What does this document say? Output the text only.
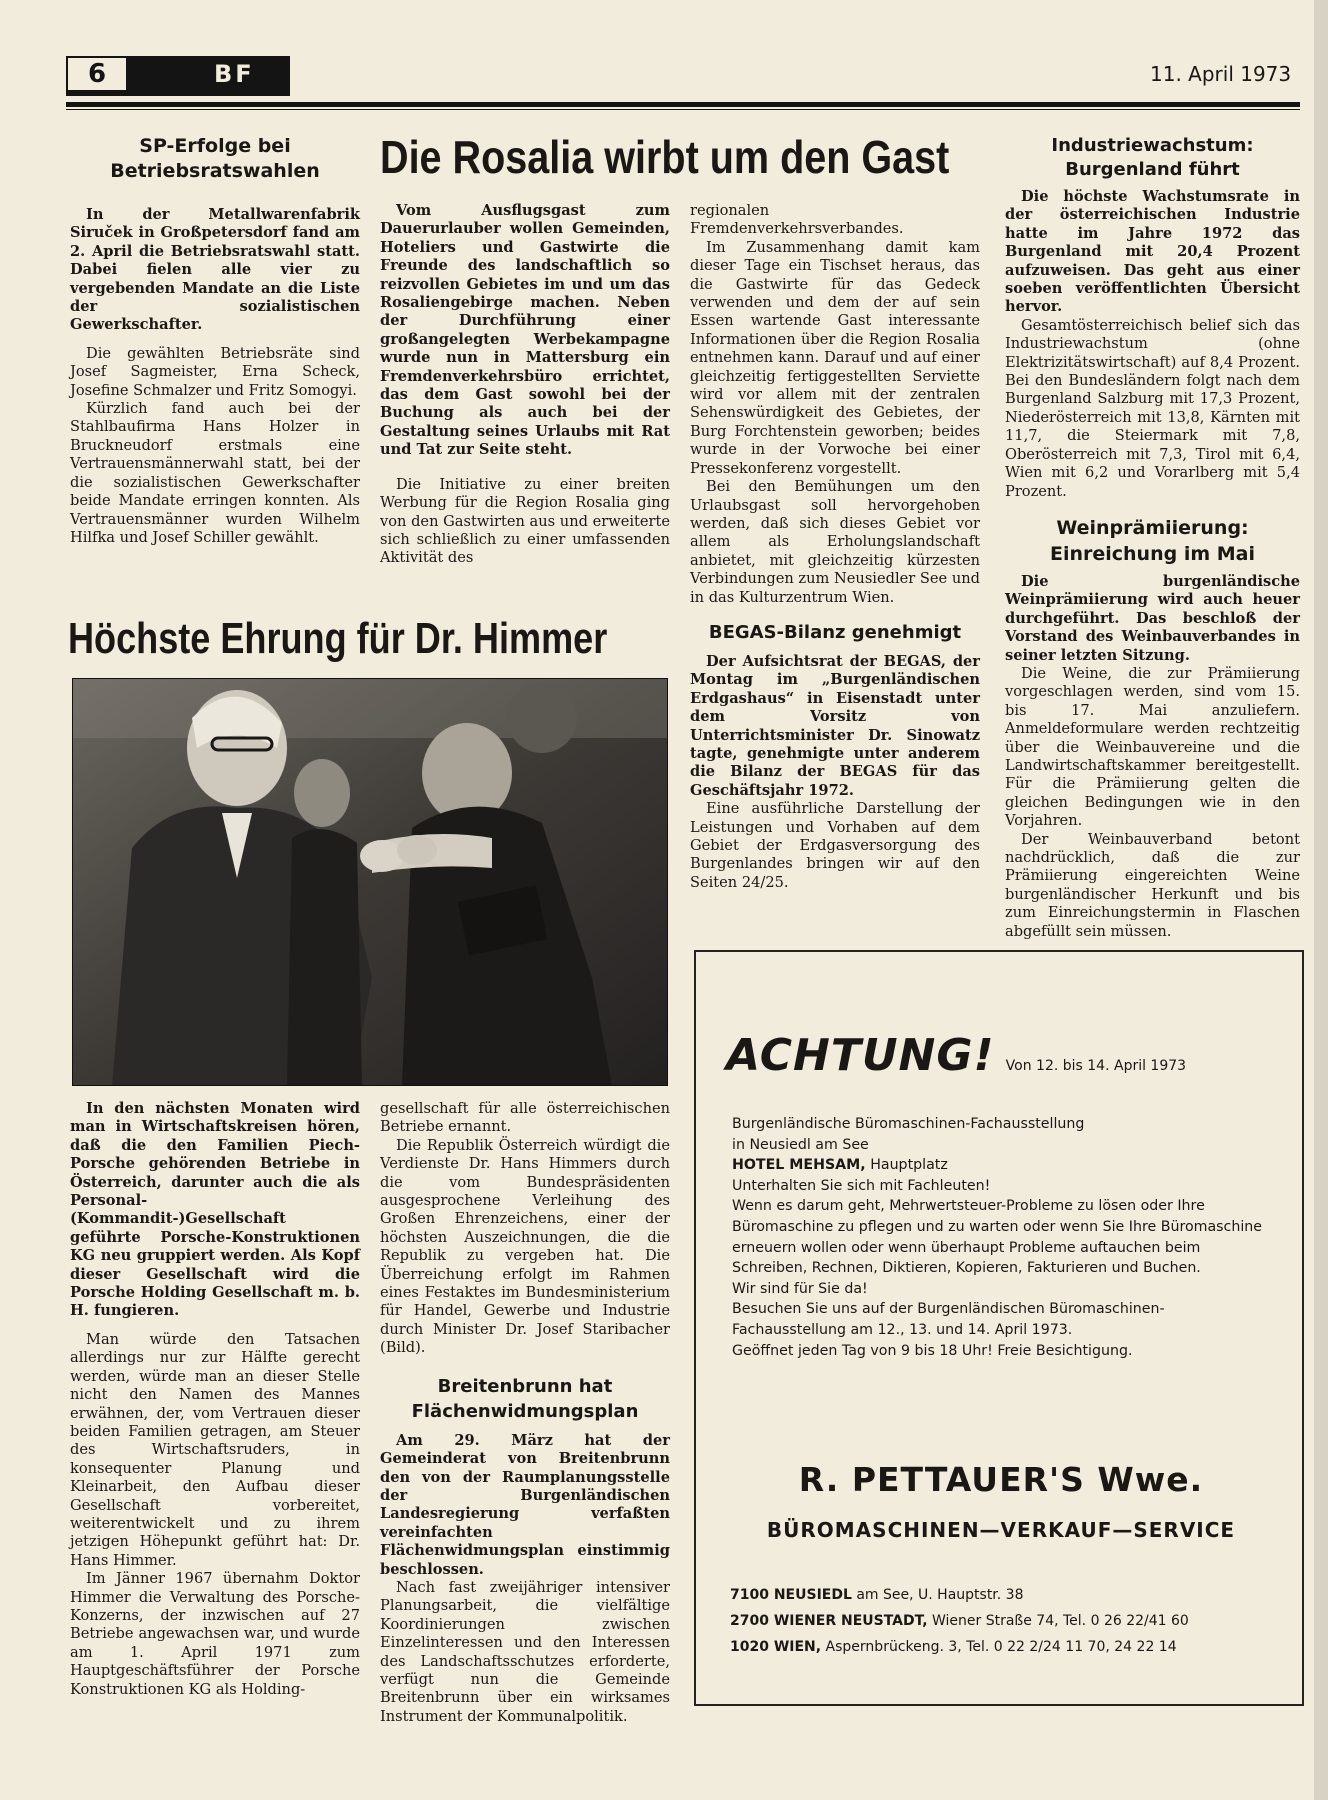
6	BF	11. April 1973
SP-Erfolge bei
Betriebsratswahlen

In der Metallwarenfabrik Siruček in Großpetersdorf fand am 2. April die Betriebsratswahl statt. Dabei fielen alle vier zu vergebenden Mandate an die Liste der sozialistischen Gewerkschafter.

Die gewählten Betriebsräte sind Josef Sagmeister, Erna Scheck, Josefine Schmalzer und Fritz Somogyi.

Kürzlich fand auch bei der Stahlbaufirma Hans Holzer in Bruckneudorf erstmals eine Vertrauensmännerwahl statt, bei der die sozialistischen Gewerkschafter beide Mandate erringen konnten. Als Vertrauensmänner wurden Wilhelm Hilfka und Josef Schiller gewählt.

Die Rosalia wirbt um den Gast

Vom Ausflugsgast zum Dauerurlauber wollen Gemeinden, Hoteliers und Gastwirte die Freunde des landschaftlich so reizvollen Gebietes im und um das Rosaliengebirge machen. Neben der Durchführung einer großangelegten Werbekampagne wurde nun in Mattersburg ein Fremdenverkehrsbüro errichtet, das dem Gast sowohl bei der Buchung als auch bei der Gestaltung seines Urlaubs mit Rat und Tat zur Seite steht.

Die Initiative zu einer breiten Werbung für die Region Rosalia ging von den Gastwirten aus und erweiterte sich schließlich zu einer umfassenden Aktivität des

regionalen Fremdenverkehrsverbandes.

Im Zusammenhang damit kam dieser Tage ein Tischset heraus, das die Gastwirte für das Gedeck verwenden und dem der auf sein Essen wartende Gast interessante Informationen über die Region Rosalia entnehmen kann. Darauf und auf einer gleichzeitig fertiggestellten Serviette wird vor allem mit der zentralen Sehenswürdigkeit des Gebietes, der Burg Forchtenstein geworben; beides wurde in der Vorwoche bei einer Pressekonferenz vorgestellt.

Bei den Bemühungen um den Urlaubsgast soll hervorgehoben werden, daß sich dieses Gebiet vor allem als Erholungslandschaft anbietet, mit gleichzeitig kürzesten Verbindungen zum Neusiedler See und in das Kulturzentrum Wien.

BEGAS-Bilanz genehmigt

Der Aufsichtsrat der BEGAS, der Montag im „Burgenländischen Erdgashaus“ in Eisenstadt unter dem Vorsitz von Unterrichtsminister Dr. Sinowatz tagte, genehmigte unter anderem die Bilanz der BEGAS für das Geschäftsjahr 1972.

Eine ausführliche Darstellung der Leistungen und Vorhaben auf dem Gebiet der Erdgasversorgung des Burgenlandes bringen wir auf den Seiten 24/25.

Industriewachstum:
Burgenland führt

Die höchste Wachstumsrate in der österreichischen Industrie hatte im Jahre 1972 das Burgenland mit 20,4 Prozent aufzuweisen. Das geht aus einer soeben veröffentlichten Übersicht hervor.

Gesamtösterreichisch belief sich das Industriewachstum (ohne Elektrizitätswirtschaft) auf 8,4 Prozent. Bei den Bundesländern folgt nach dem Burgenland Salzburg mit 17,3 Prozent, Niederösterreich mit 13,8, Kärnten mit 11,7, die Steiermark mit 7,8, Oberösterreich mit 7,3, Tirol mit 6,4, Wien mit 6,2 und Vorarlberg mit 5,4 Prozent.

Weinprämiierung:
Einreichung im Mai

Die burgenländische Weinprämiierung wird auch heuer durchgeführt. Das beschloß der Vorstand des Weinbauverbandes in seiner letzten Sitzung.

Die Weine, die zur Prämiierung vorgeschlagen werden, sind vom 15. bis 17. Mai anzuliefern. Anmeldeformulare werden rechtzeitig über die Weinbauvereine und die Landwirtschaftskammer bereitgestellt. Für die Prämiierung gelten die gleichen Bedingungen wie in den Vorjahren.

Der Weinbauverband betont nachdrücklich, daß die zur Prämiierung eingereichten Weine burgenländischer Herkunft und bis zum Einreichungstermin in Flaschen abgefüllt sein müssen.

Höchste Ehrung für Dr. Himmer

In den nächsten Monaten wird man in Wirtschaftskreisen hören, daß die den Familien Piech-Porsche gehörenden Betriebe in Österreich, darunter auch die als Personal-(Kommandit-)Gesellschaft geführte Porsche-Konstruktionen KG neu gruppiert werden. Als Kopf dieser Gesellschaft wird die Porsche Holding Gesellschaft m. b. H. fungieren.

Man würde den Tatsachen allerdings nur zur Hälfte gerecht werden, würde man an dieser Stelle nicht den Namen des Mannes erwähnen, der, vom Vertrauen dieser beiden Familien getragen, am Steuer des Wirtschaftsruders, in konsequenter Planung und Kleinarbeit, den Aufbau dieser Gesellschaft vorbereitet, weiterentwickelt und zu ihrem jetzigen Höhepunkt geführt hat: Dr. Hans Himmer.

Im Jänner 1967 übernahm Doktor Himmer die Verwaltung des Porsche-Konzerns, der inzwischen auf 27 Betriebe angewachsen war, und wurde am 1. April 1971 zum Hauptgeschäftsführer der Porsche Konstruktionen KG als Holding-

gesellschaft für alle österreichischen Betriebe ernannt.

Die Republik Österreich würdigt die Verdienste Dr. Hans Himmers durch die vom Bundespräsidenten ausgesprochene Verleihung des Großen Ehrenzeichens, einer der höchsten Auszeichnungen, die die Republik zu vergeben hat. Die Überreichung erfolgt im Rahmen eines Festaktes im Bundesministerium für Handel, Gewerbe und Industrie durch Minister Dr. Josef Staribacher (Bild).

Breitenbrunn hat
Flächenwidmungsplan

Am 29. März hat der Gemeinderat von Breitenbrunn den von der Raumplanungsstelle der Burgenländischen Landesregierung verfaßten vereinfachten Flächenwidmungsplan einstimmig beschlossen.

Nach fast zweijähriger intensiver Planungsarbeit, die vielfältige Koordinierungen zwischen Einzelinteressen und den Interessen des Landschaftsschutzes erforderte, verfügt nun die Gemeinde Breitenbrunn über ein wirksames Instrument der Kommunalpolitik.

ACHTUNG! Von 12. bis 14. April 1973

Burgenländische Büromaschinen-Fachausstellung

in Neusiedl am See

HOTEL MEHSAM, Hauptplatz

Unterhalten Sie sich mit Fachleuten!

Wenn es darum geht, Mehrwertsteuer-Probleme zu lösen oder Ihre Büromaschine zu pflegen und zu warten oder wenn Sie Ihre Büromaschine erneuern wollen oder wenn überhaupt Probleme auftauchen beim Schreiben, Rechnen, Diktieren, Kopieren, Fakturieren und Buchen.

Wir sind für Sie da!

Besuchen Sie uns auf der Burgenländischen Büromaschinen-Fachausstellung am 12., 13. und 14. April 1973.

Geöffnet jeden Tag von 9 bis 18 Uhr! Freie Besichtigung.

R. PETTAUER'S Wwe.
BÜROMASCHINEN—VERKAUF—SERVICE

7100 NEUSIEDL am See, U. Hauptstr. 38

2700 WIENER NEUSTADT, Wiener Straße 74, Tel. 0 26 22/41 60

1020 WIEN, Aspernbrückeng. 3, Tel. 0 22 2/24 11 70, 24 22 14
